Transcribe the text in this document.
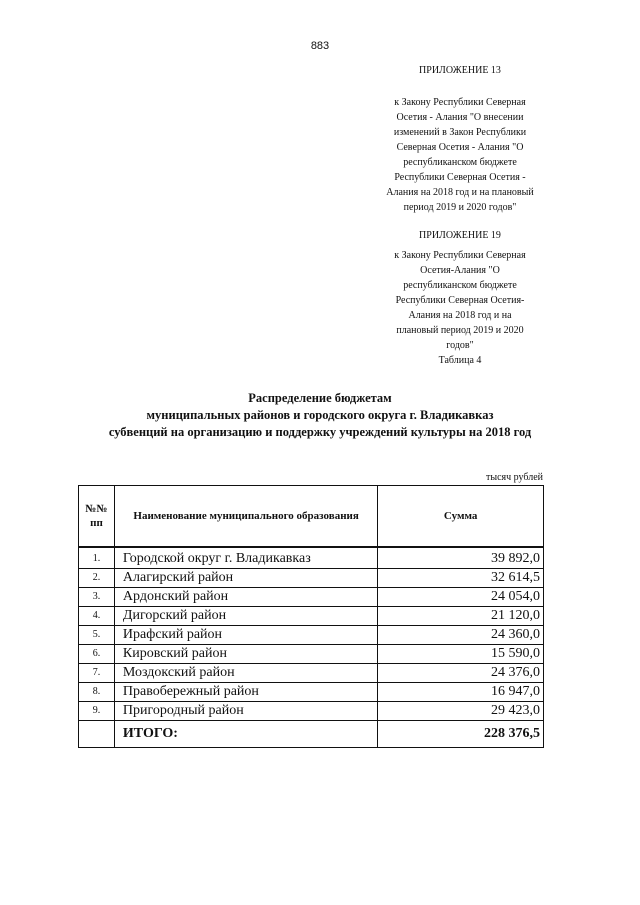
883
ПРИЛОЖЕНИЕ 13
к Закону Республики Северная
Осетия - Алания "О внесении
изменений в Закон Республики
Северная Осетия - Алания "О
республиканском бюджете
Республики Северная Осетия -
Алания на 2018 год и на плановый
период 2019 и 2020 годов"
ПРИЛОЖЕНИЕ 19
к Закону Республики Северная
Осетия-Алания "О
республиканском бюджете
Республики Северная Осетия-
Алания на 2018 год и на
плановый период 2019 и 2020
годов"
Таблица 4
Распределение бюджетам
муниципальных районов и городского округа г. Владикавказ
субвенций на организацию и поддержку учреждений культуры на 2018 год
тысяч рублей
№№ пп	Наименование муниципального образования	Сумма
1.	Городской округ г. Владикавказ	39 892,0
2.	Алагирский район	32 614,5
3.	Ардонский район	24 054,0
4.	Дигорский район	21 120,0
5.	Ирафский район	24 360,0
6.	Кировский район	15 590,0
7.	Моздокский район	24 376,0
8.	Правобережный район	16 947,0
9.	Пригородный район	29 423,0
	ИТОГО:	228 376,5
